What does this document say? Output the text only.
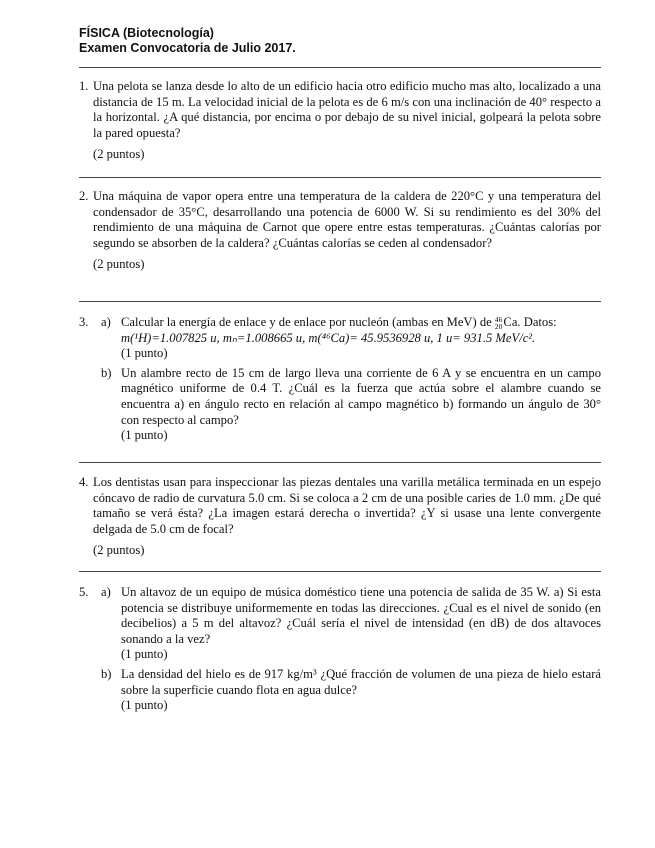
FÍSICA (Biotecnología)
Examen Convocatoria de Julio 2017.
1. Una pelota se lanza desde lo alto de un edificio hacia otro edificio mucho mas alto, localizado a una distancia de 15 m. La velocidad inicial de la pelota es de 6 m/s con una inclinación de 40° respecto a la horizontal. ¿A qué distancia, por encima o por debajo de su nivel inicial, golpeará la pelota sobre la pared opuesta?
(2 puntos)
2. Una máquina de vapor opera entre una temperatura de la caldera de 220°C y una temperatura del condensador de 35°C, desarrollando una potencia de 6000 W. Si su rendimiento es del 30% del rendimiento de una máquina de Carnot que opere entre estas temperaturas. ¿Cuántas calorías por segundo se absorben de la caldera? ¿Cuántas calorías se ceden al condensador?
(2 puntos)
3. a) Calcular la energía de enlace y de enlace por nucleón (ambas en MeV) de 46
20 Ca. Datos:
m(¹H)=1.007825 u, mₙ=1.008665 u, m(⁴⁶Ca)= 45.9536928 u, 1 u= 931.5 MeV/c².
(1 punto)
b) Un alambre recto de 15 cm de largo lleva una corriente de 6 A y se encuentra en un campo magnético uniforme de 0.4 T. ¿Cuál es la fuerza que actúa sobre el alambre cuando se encuentra a) en ángulo recto en relación al campo magnético b) formando un ángulo de 30° con respecto al campo?
(1 punto)
4. Los dentistas usan para inspeccionar las piezas dentales una varilla metálica terminada en un espejo cóncavo de radio de curvatura 5.0 cm. Si se coloca a 2 cm de una posible caries de 1.0 mm. ¿De qué tamaño se verá ésta? ¿La imagen estará derecha o invertida? ¿Y si usase una lente convergente delgada de 5.0 cm de focal?
(2 puntos)
5. a) Un altavoz de un equipo de música doméstico tiene una potencia de salida de 35 W. a) Si esta potencia se distribuye uniformemente en todas las direcciones. ¿Cual es el nivel de sonido (en decibelios) a 5 m del altavoz? ¿Cuál sería el nivel de intensidad (en dB) de dos altavoces sonando a la vez?
(1 punto)
b) La densidad del hielo es de 917 kg/m³ ¿Qué fracción de volumen de una pieza de hielo estará sobre la superficie cuando flota en agua dulce?
(1 punto)
